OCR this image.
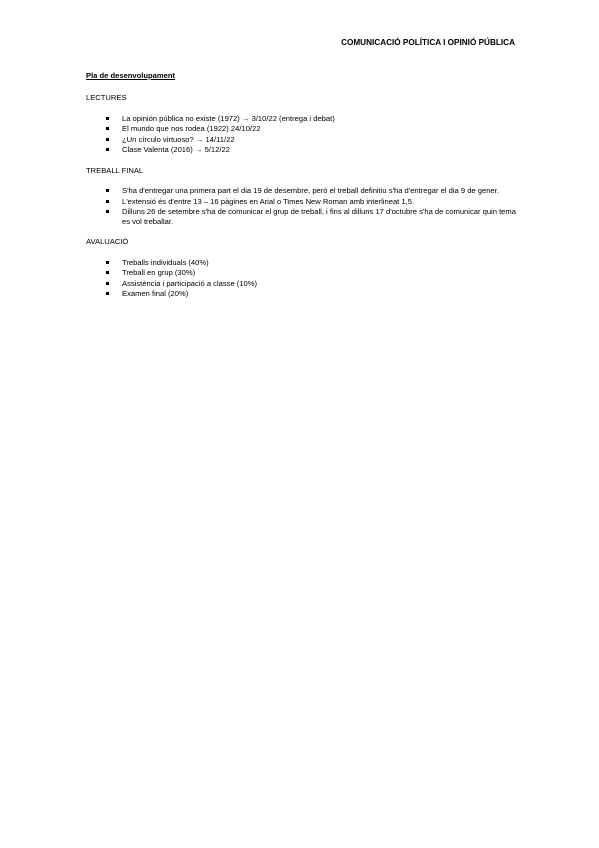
COMUNICACIÓ POLÍTICA I OPINIÓ PÚBLICA
Pla de desenvolupament
LECTURES
La opinión pública no existe (1972) → 3/10/22 (entrega i debat)
El mundo que nos rodea (1922) 24/10/22
¿Un círculo virtuoso? → 14/11/22
Clase Valenta (2016) → 5/12/22
TREBALL FINAL
S'ha d'entregar una primera part el dia 19 de desembre, però el treball definitiu s'ha d'entregar el dia 9 de gener.
L'extensió és d'entre 13 – 16 pàgines en Arial o Times New Roman amb interlineat 1,5.
Dilluns 26 de setembre s'ha de comunicar el grup de treball, i fins al dilluns 17 d'octubre s'ha de comunicar quin tema es vol treballar.
AVALUACIÓ
Treballs individuals (40%)
Treball en grup (30%)
Assistència i participació a classe (10%)
Examen final (20%)
